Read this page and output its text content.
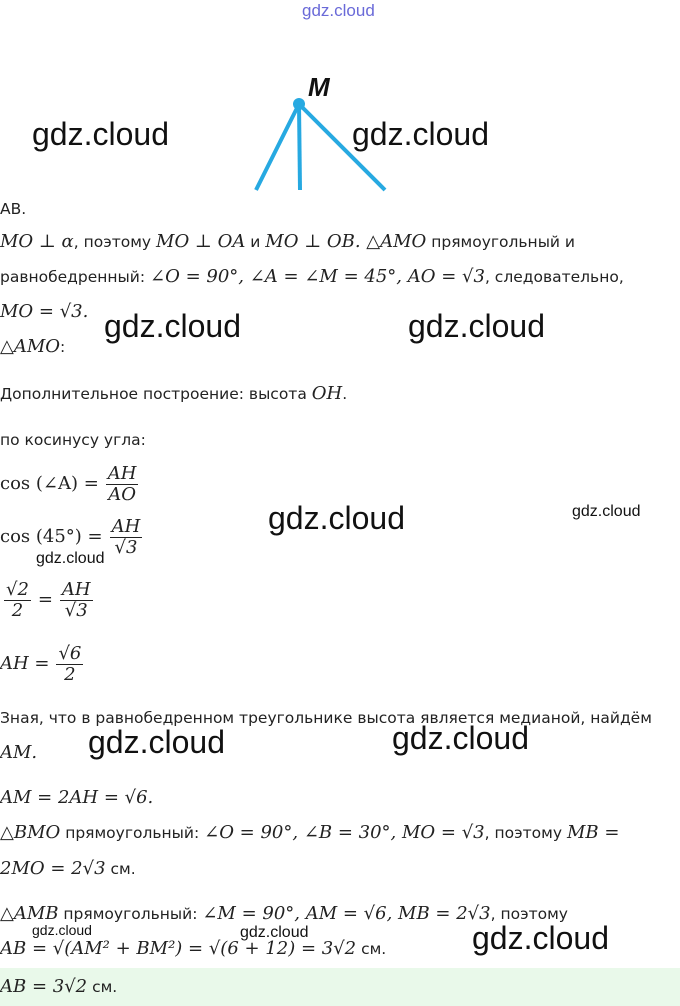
M
gdz.cloud
gdz.cloud	gdz.cloud
gdz.cloud	gdz.cloud
gdz.cloud	gdz.cloud
gdz.cloud
gdz.cloud	gdz.cloud
gdz.cloud	gdz.cloud	gdz.cloud
AB.
MO ⊥ α, поэтому MO ⊥ OA и MO ⊥ OB. △AMO прямоугольный и
равнобедренный: ∠O = 90°, ∠A = ∠M = 45°, AO = √3, следовательно,
MO = √3.
△AMO:
Дополнительное построение: высота OH.
по косинусу угла:
cos (∠A) = $\frac{AH}{AO}$
$\cos (45^\circ) = \frac{AH}{√3}$
$\frac{√2}{2} = \frac{AH}{√3}$
AH = $\frac{√6}{2}$
Зная, что в равнобедренном треугольнике высота является медианой, найдём
AM.
AM = 2AH = √6.
△BMO прямоугольный: ∠O = 90°, ∠B = 30°, MO = √3, поэтому MB =
2MO = 2√3 см.
△AMB прямоугольный: ∠M = 90°, AM = √6, MB = 2√3, поэтому
AB = √(AM² + BM²) = √(6 + 12) = 3√2 см.
AB = 3√2 см.
